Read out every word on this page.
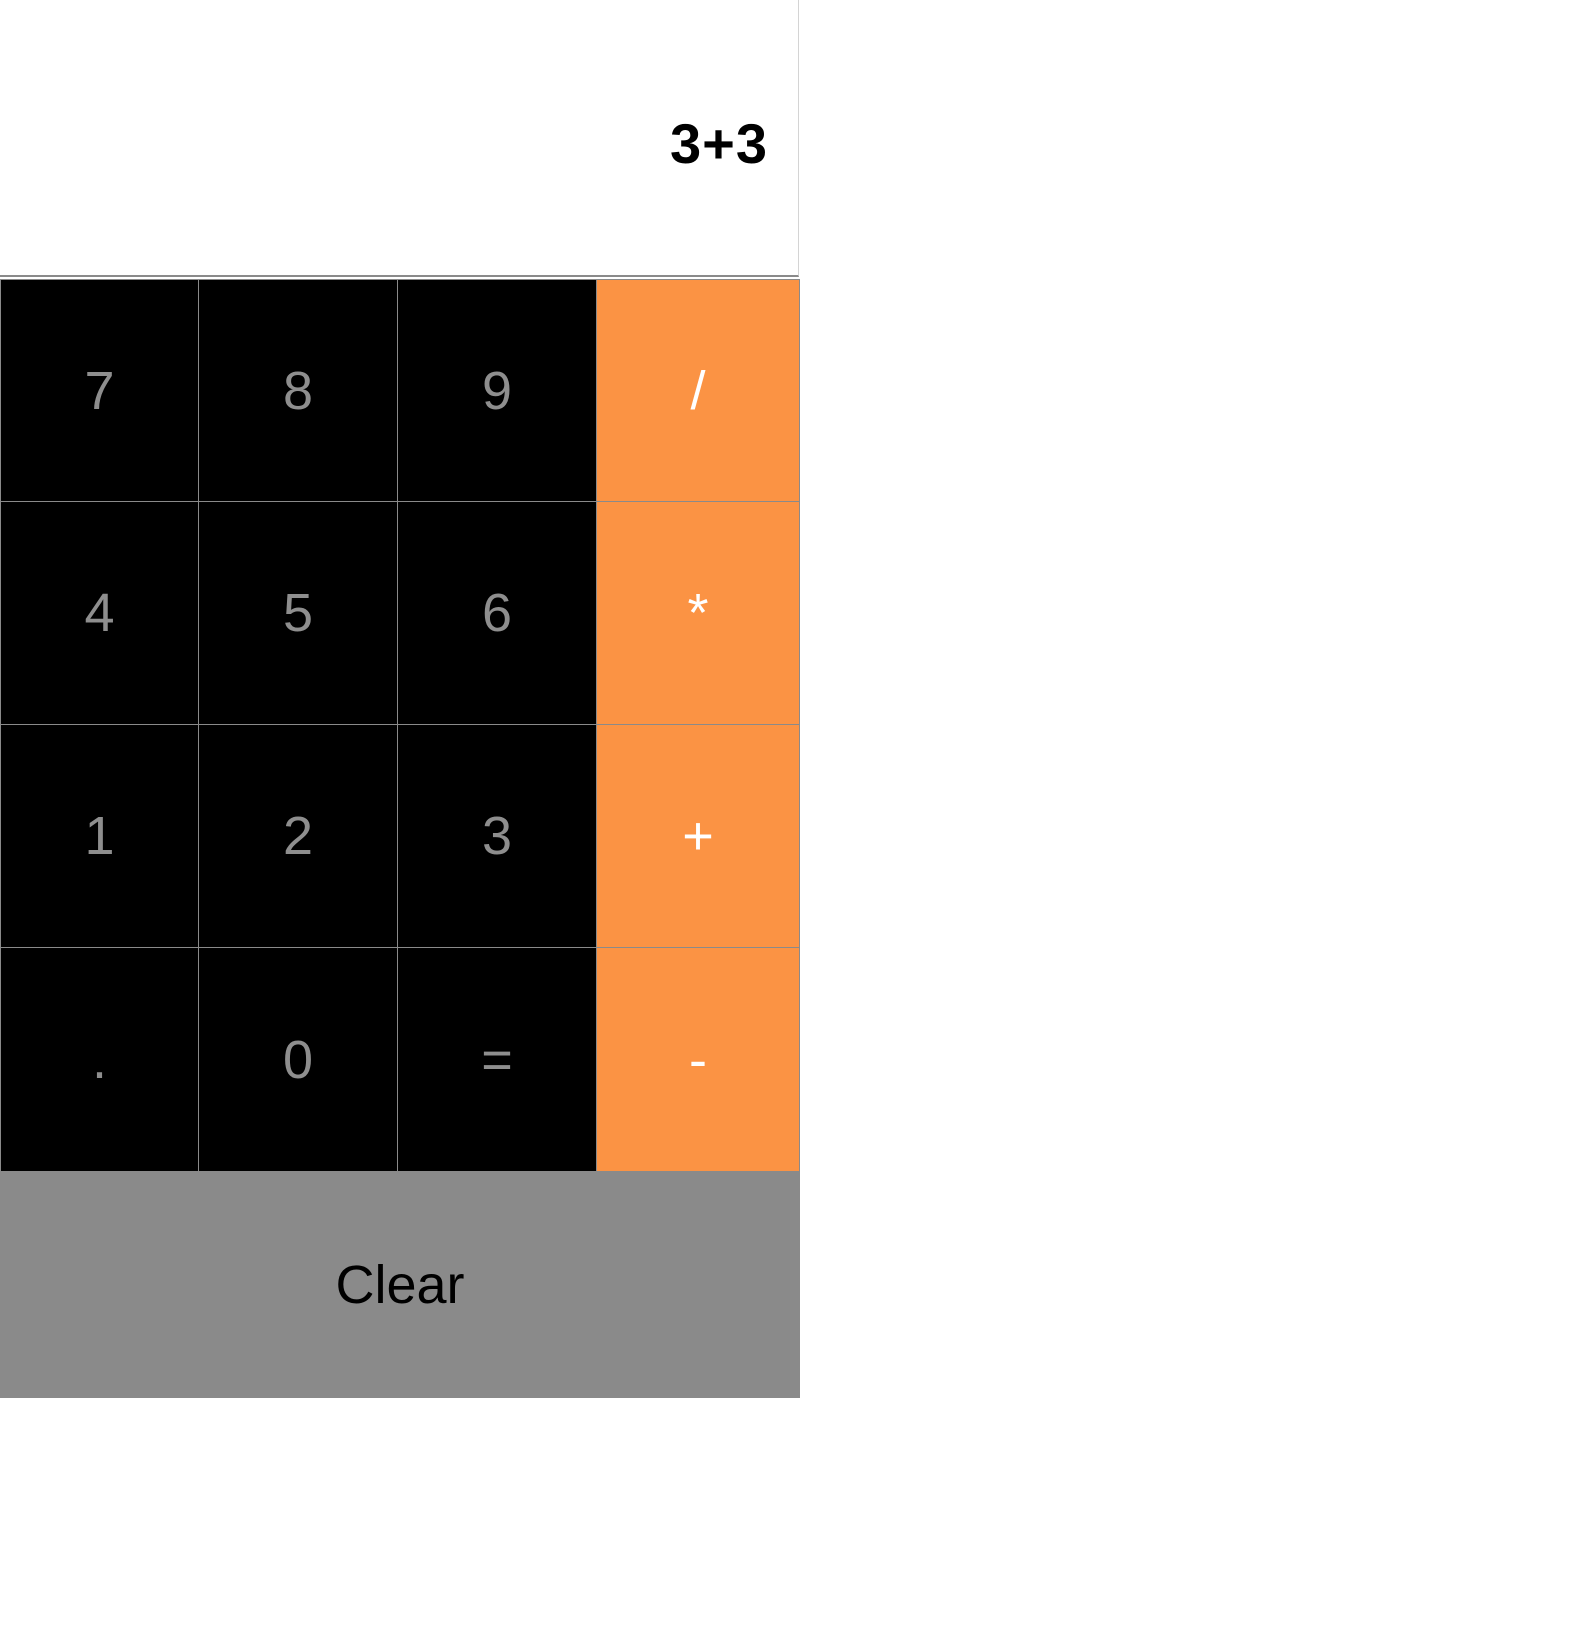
3+3
7	8	9	/
4	5	6	*
1	2	3	+
.	0	=	-
Clear
